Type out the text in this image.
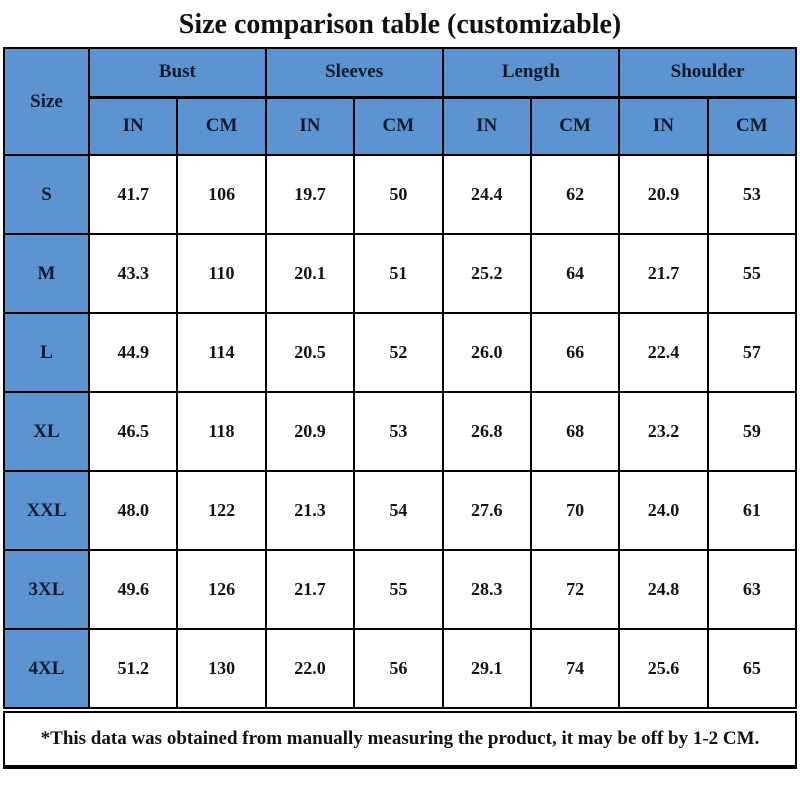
Size comparison table (customizable)
Size	Bust		Sleeves		Length		Shoulder	
	IN	CM	IN	CM	IN	CM	IN	CM
S	41.7	106	19.7	50	24.4	62	20.9	53
M	43.3	110	20.1	51	25.2	64	21.7	55
L	44.9	114	20.5	52	26.0	66	22.4	57
XL	46.5	118	20.9	53	26.8	68	23.2	59
XXL	48.0	122	21.3	54	27.6	70	24.0	61
3XL	49.6	126	21.7	55	28.3	72	24.8	63
4XL	51.2	130	22.0	56	29.1	74	25.6	65
*This data was obtained from manually measuring the product, it may be off by 1-2 CM.
